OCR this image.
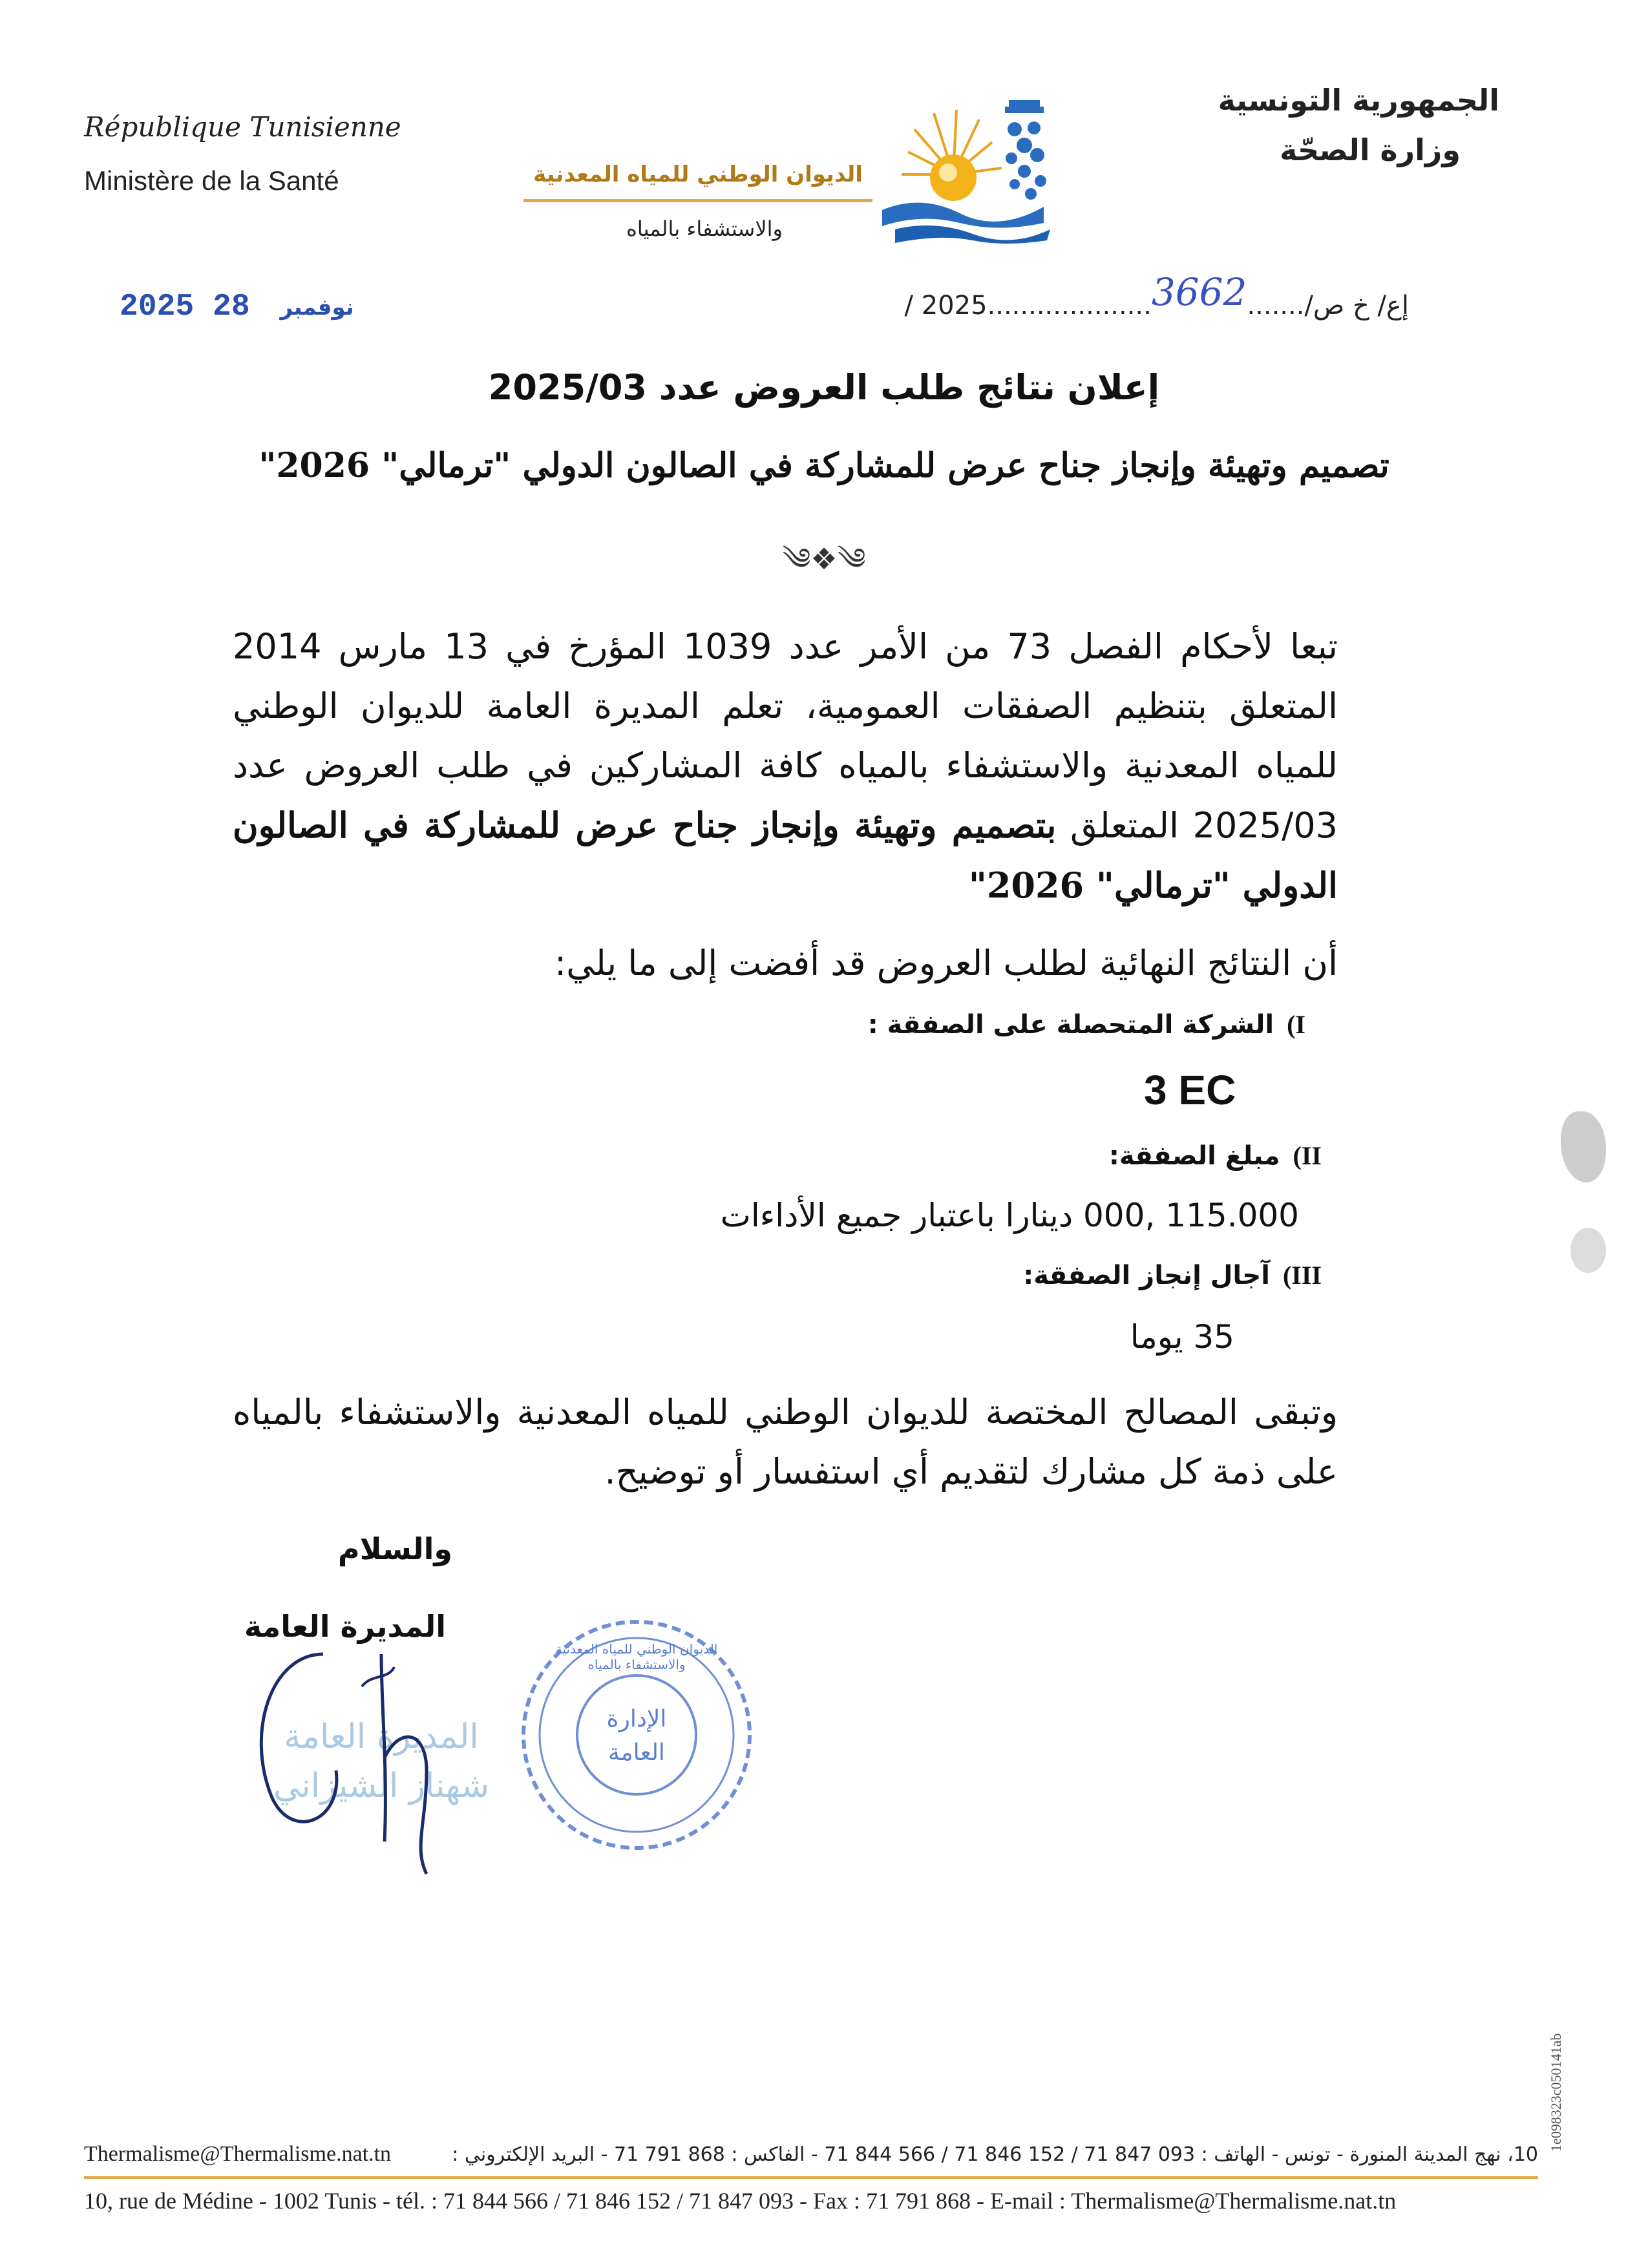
République Tunisienne
Ministère de la Santé
الجمهورية التونسية
وزارة الصحّة
الديوان الوطني للمياه المعدنية
والاستشفاء بالمياه
إع/ خ ص/.......3662....................2025 /
2025	نوفمبر 28
إعلان نتائج طلب العروض عدد 2025/03
تصميم وتهيئة وإنجاز جناح عرض للمشاركة في الصالون الدولي "ترمالي" 2026"
༄❖༄
تبعا لأحكام الفصل 73 من الأمر عدد 1039 المؤرخ في 13 مارس 2014 المتعلق بتنظيم الصفقات العمومية، تعلم المديرة العامة للديوان الوطني للمياه المعدنية والاستشفاء بالمياه كافة المشاركين في طلب العروض عدد 2025/03 المتعلق بتصميم وتهيئة وإنجاز جناح عرض للمشاركة في الصالون الدولي "ترمالي" 2026"
أن النتائج النهائية لطلب العروض قد أفضت إلى ما يلي:
I)الشركة المتحصلة على الصفقة :
3 EC
II)مبلغ الصفقة:
115.000 ,000 دينارا باعتبار جميع الأداءات
III)آجال إنجاز الصفقة:
35 يوما
وتبقى المصالح المختصة للديوان الوطني للمياه المعدنية والاستشفاء بالمياه على ذمة كل مشارك لتقديم أي استفسار أو توضيح.
والسلام
المديرة العامة
المديرة العامة
شهناز الشيزاني
الديوان الوطني للمياه المعدنية والاستشفاء بالمياه
الإدارة العامة
Thermalisme@Thermalisme.nat.tn	10، نهج المدينة المنورة - تونس - الهاتف : 093 847 71 / 152 846 71 / 566 844 71 - الفاكس : 868 791 71 - البريد الإلكتروني :
10, rue de Médine - 1002 Tunis - tél. : 71 844 566 / 71 846 152 / 71 847 093 - Fax : 71 791 868 - E-mail : Thermalisme@Thermalisme.nat.tn
1e098323c050141ab
